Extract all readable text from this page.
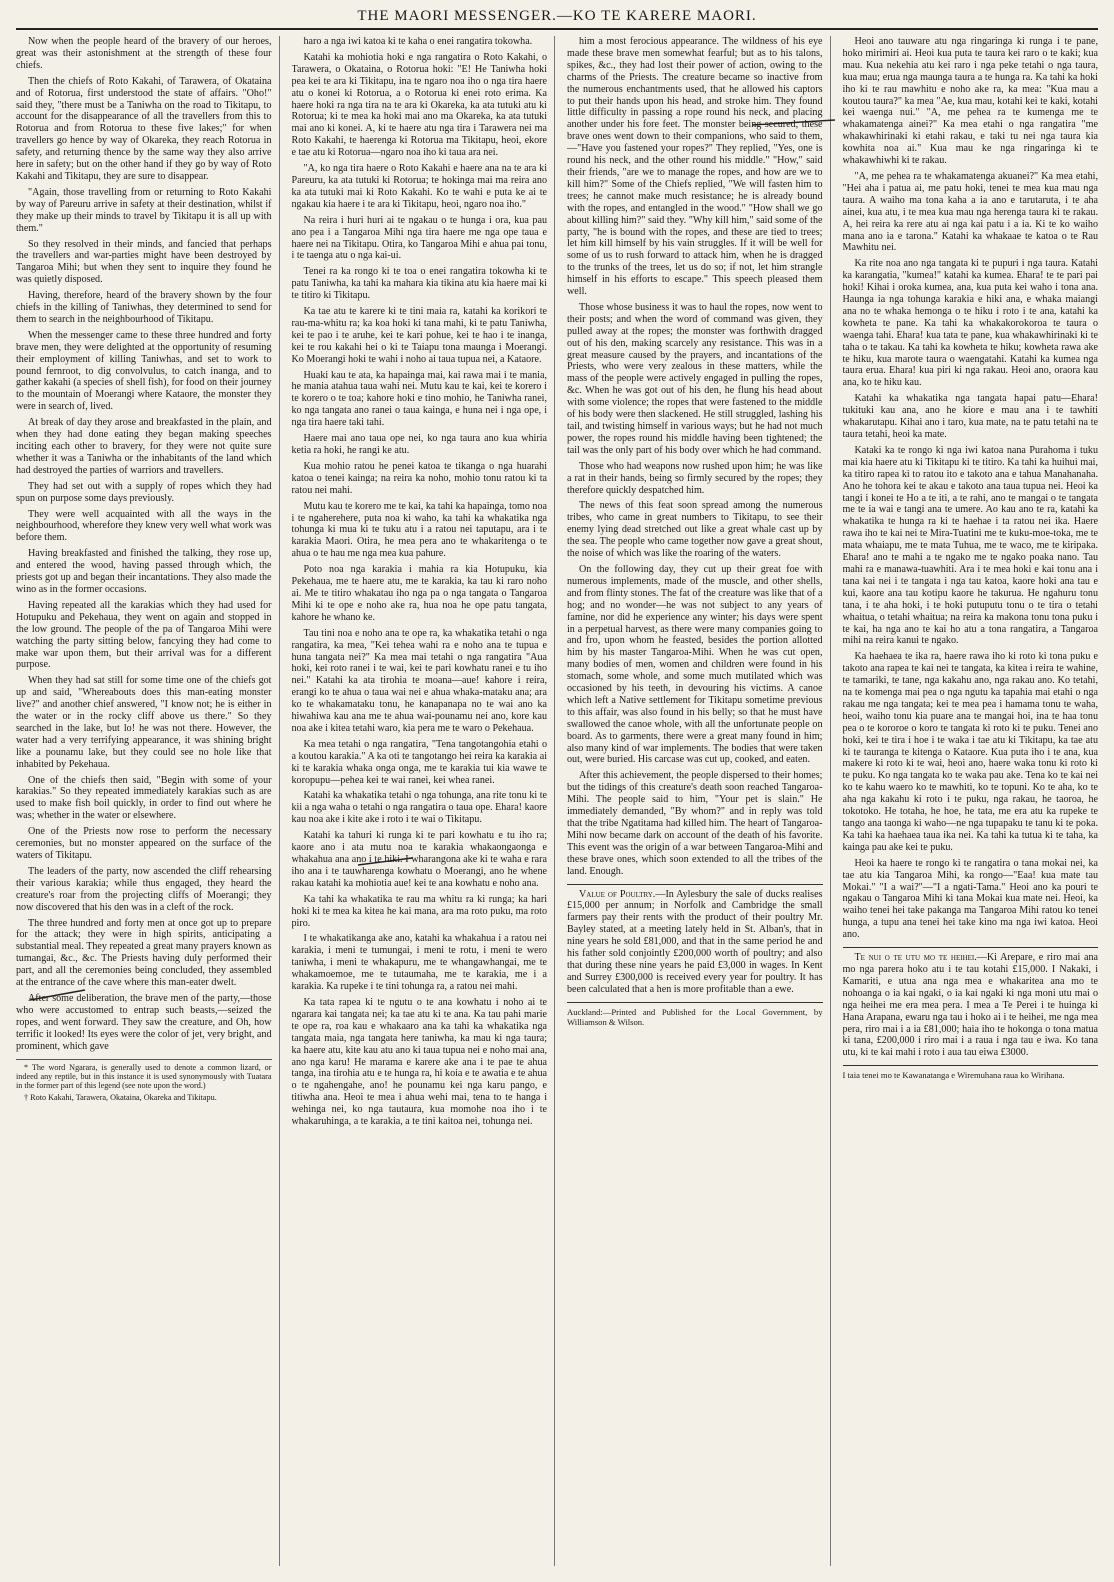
THE MAORI MESSENGER.—KO TE KARERE MAORI.

Now when the people heard of the bravery of our heroes, great was their astonishment at the strength of these four chiefs.

Then the chiefs of Roto Kakahi, of Tarawera, of Okataina and of Rotorua, first understood the state of affairs. "Oho!" said they, "there must be a Taniwha on the road to Tikitapu, to account for the disappearance of all the travellers from this to Rotorua and from Rotorua to these five lakes;" for when travellers go hence by way of Okareka, they reach Rotorua in safety, and returning thence by the same way they also arrive here in safety; but on the other hand if they go by way of Roto Kakahi and Tikitapu, they are sure to disappear.

"Again, those travelling from or returning to Roto Kakahi by way of Pareuru arrive in safety at their destination, whilst if they make up their minds to travel by Tikitapu it is all up with them."

So they resolved in their minds, and fancied that perhaps the travellers and war-parties might have been destroyed by Tangaroa Mihi; but when they sent to inquire they found he was quietly disposed.

Having, therefore, heard of the bravery shown by the four chiefs in the killing of Taniwhas, they determined to send for them to search in the neighbourhood of Tikitapu.

When the messenger came to these three hundred and forty brave men, they were delighted at the opportunity of resuming their employment of killing Taniwhas, and set to work to pound fernroot, to dig convolvulus, to catch inanga, and to gather kakahi (a species of shell fish), for food on their journey to the mountain of Moerangi where Kataore, the monster they were in search of, lived.

At break of day they arose and breakfasted in the plain, and when they had done eating they began making speeches inciting each other to bravery, for they were not quite sure whether it was a Taniwha or the inhabitants of the land which had destroyed the parties of warriors and travellers.

They had set out with a supply of ropes which they had spun on purpose some days previously.

They were well acquainted with all the ways in the neighbourhood, wherefore they knew very well what work was before them.

Having breakfasted and finished the talking, they rose up, and entered the wood, having passed through which, the priests got up and began their incantations. They also made the wino as in the former occasions.

Having repeated all the karakias which they had used for Hotupuku and Pekehaua, they went on again and stopped in the low ground. The people of the pa of Tangaroa Mihi were watching the party sitting below, fancying they had come to make war upon them, but their arrival was for a different purpose.

When they had sat still for some time one of the chiefs got up and said, "Whereabouts does this man-eating monster live?" and another chief answered, "I know not; he is either in the water or in the rocky cliff above us there." So they searched in the lake, but lo! he was not there. However, the water had a very terrifying appearance, it was shining bright like a pounamu lake, but they could see no hole like that inhabited by Pekehaua.

One of the chiefs then said, "Begin with some of your karakias." So they repeated immediately karakias such as are used to make fish boil quickly, in order to find out where he was; whether in the water or elsewhere.

One of the Priests now rose to perform the necessary ceremonies, but no monster appeared on the surface of the waters of Tikitapu.

The leaders of the party, now ascended the cliff rehearsing their various karakia; while thus engaged, they heard the creature's roar from the projecting cliffs of Moerangi; they now discovered that his den was in a cleft of the rock.

The three hundred and forty men at once got up to prepare for the attack; they were in high spirits, anticipating a substantial meal. They repeated a great many prayers known as tumangai, &c., &c. The Priests having duly performed their part, and all the ceremonies being concluded, they assembled at the entrance of the cave where this man-eater dwelt.

After some deliberation, the brave men of the party,—those who were accustomed to entrap such beasts,—seized the ropes, and went forward. They saw the creature, and Oh, how terrific it looked! Its eyes were the color of jet, very bright, and prominent, which gave

* The word Ngarara, is generally used to denote a common lizard, or indeed any reptile, but in this instance it is used synonymously with Tuatara in the former part of this legend (see note upon the word.)

† Roto Kakahi, Tarawera, Okataina, Okareka and Tikitapu.

haro a nga iwi katoa ki te kaha o enei rangatira tokowha.

Katahi ka mohiotia hoki e nga rangatira o Roto Kakahi, o Tarawera, o Okataina, o Rotorua hoki: "E! He Taniwha hoki pea kei te ara ki Tikitapu, ina te ngaro noa iho o nga tira haere atu o konei ki Rotorua, a o Rotorua ki enei roto erima. Ka haere hoki ra nga tira na te ara ki Okareka, ka ata tutuki atu ki Rotorua; ki te mea ka hoki mai ano ma Okareka, ka ata tutuki mai ano ki konei. A, ki te haere atu nga tira i Tarawera nei ma Roto Kakahi, te haerenga ki Rotorua ma Tikitapu, heoi, ekore e tae atu ki Rotorua—ngaro noa iho ki taua ara nei.

"A, ko nga tira haere o Roto Kakahi e haere ana na te ara ki Pareuru, ka ata tutuki ki Rotorua; te hokinga mai ma reira ano ka ata tutuki mai ki Roto Kakahi. Ko te wahi e puta ke ai te ngakau kia haere i te ara ki Tikitapu, heoi, ngaro noa iho."

Na reira i huri huri ai te ngakau o te hunga i ora, kua pau ano pea i a Tangaroa Mihi nga tira haere me nga ope taua e haere nei na Tikitapu. Otira, ko Tangaroa Mihi e ahua pai tonu, i te taenga atu o nga kai-ui.

Tenei ra ka rongo ki te toa o enei rangatira tokowha ki te patu Taniwha, ka tahi ka mahara kia tikina atu kia haere mai ki te titiro ki Tikitapu.

Ka tae atu te karere ki te tini maia ra, katahi ka korikori te rau-ma-whitu ra; ka koa hoki ki tana mahi, ki te patu Taniwha, kei te pao i te aruhe, kei te kari pohue, kei te hao i te inanga, kei te rou kakahi hei o ki te Taiapu tona maunga i Moerangi. Ko Moerangi hoki te wahi i noho ai taua tupua nei, a Kataore.

Huaki kau te ata, ka hapainga mai, kai rawa mai i te mania, he mania atahua taua wahi nei. Mutu kau te kai, kei te korero i te korero o te toa; kahore hoki e tino mohio, he Taniwha ranei, ko nga tangata ano ranei o taua kainga, e huna nei i nga ope, i nga tira haere taki tahi.

Haere mai ano taua ope nei, ko nga taura ano kua whiria ketia ra hoki, he rangi ke atu.

Kua mohio ratou he penei katoa te tikanga o nga huarahi katoa o tenei kainga; na reira ka noho, mohio tonu ratou ki ta ratou nei mahi.

Mutu kau te korero me te kai, ka tahi ka hapainga, tomo noa i te ngaherehere, puta noa ki waho, ka tahi ka whakatika nga tohunga ki mua ki te tuku atu i a ratou nei taputapu, ara i te karakia Maori. Otira, he mea pera ano te whakaritenga o te ahua o te hau me nga mea kua pahure.

Poto noa nga karakia i mahia ra kia Hotupuku, kia Pekehaua, me te haere atu, me te karakia, ka tau ki raro noho ai. Me te titiro whakatau iho nga pa o nga tangata o Tangaroa Mihi ki te ope e noho ake ra, hua noa he ope patu tangata, kahore he whano ke.

Tau tini noa e noho ana te ope ra, ka whakatika tetahi o nga rangatira, ka mea, "Kei tehea wahi ra e noho ana te tupua e huna tangata nei?" Ka mea mai tetahi o nga rangatira "Aua hoki, kei roto ranei i te wai, kei te pari kowhatu ranei e tu iho nei." Katahi ka ata tirohia te moana—aue! kahore i reira, erangi ko te ahua o taua wai nei e ahua whaka-mataku ana; ara ko te whakamataku tonu, he kanapanapa no te wai ano ka hiwahiwa kau ana me te ahua wai-pounamu nei ano, kore kau noa ake i kitea tetahi waro, kia pera me te waro o Pekehaua.

Ka mea tetahi o nga rangatira, "Tena tangotangohia etahi o a koutou karakia." A ka oti te tangotango hei reira ka karakia ai ki te karakia whaka onga onga, me te karakia tui kia wawe te koropupu—pehea kei te wai ranei, kei whea ranei.

Katahi ka whakatika tetahi o nga tohunga, ana rite tonu ki te kii a nga waha o tetahi o nga rangatira o taua ope. Ehara! kaore kau noa ake i kite ake i roto i te wai o Tikitapu.

Katahi ka tahuri ki runga ki te pari kowhatu e tu iho ra; kaore ano i ata mutu noa te karakia whakaongaonga e whakahua ana ano i te hiki. I wharangona ake ki te waha e rara iho ana i te tauwharenga kowhatu o Moerangi, ano he whene rakau katahi ka mohiotia aue! kei te ana kowhatu e noho ana.

Ka tahi ka whakatika te rau ma whitu ra ki runga; ka hari hoki ki te mea ka kitea he kai mana, ara ma roto puku, ma roto piro.

I te whakatikanga ake ano, katahi ka whakahua i a ratou nei karakia, i meni te tumungai, i meni te rotu, i meni te wero taniwha, i meni te whakapuru, me te whangawhangai, me te whakamoemoe, me te tutaumaha, me te karakia, me i a karakia. Ka rupeke i te tini tohunga ra, a ratou nei mahi.

Ka tata rapea ki te ngutu o te ana kowhatu i noho ai te ngarara kai tangata nei; ka tae atu ki te ana. Ka tau pahi marie te ope ra, roa kau e whakaaro ana ka tahi ka whakatika nga tangata maia, nga tangata here taniwha, ka mau ki nga taura; ka haere atu, kite kau atu ano ki taua tupua nei e noho mai ana, ano nga karu! He marama e karere ake ana i te pae te ahua tanga, ina tirohia atu e te hunga ra, hi koia e te awatia e te ahua o te ngahengahe, ano! he pounamu kei nga karu pango, e titiwha ana. Heoi te mea i ahua wehi mai, tena to te hanga i wehinga nei, ko nga tautaura, kua momohe noa iho i te whakaruhinga, a te karakia, a te tini kaitoa nei, tohunga nei.

him a most ferocious appearance. The wildness of his eye made these brave men somewhat fearful; but as to his talons, spikes, &c., they had lost their power of action, owing to the charms of the Priests. The creature became so inactive from the numerous enchantments used, that he allowed his captors to put their hands upon his head, and stroke him. They found little difficulty in passing a rope round his neck, and placing another under his fore feet. The monster being secured, these brave ones went down to their companions, who said to them,—"Have you fastened your ropes?" They replied, "Yes, one is round his neck, and the other round his middle." "How," said their friends, "are we to manage the ropes, and how are we to kill him?" Some of the Chiefs replied, "We will fasten him to trees; he cannot make much resistance; he is already bound with the ropes, and entangled in the wood." "How shall we go about killing him?" said they. "Why kill him," said some of the party, "he is bound with the ropes, and these are tied to trees; let him kill himself by his vain struggles. If it will be well for some of us to rush forward to attack him, when he is dragged to the trunks of the trees, let us do so; if not, let him strangle himself in his efforts to escape." This speech pleased them well.

Those whose business it was to haul the ropes, now went to their posts; and when the word of command was given, they pulled away at the ropes; the monster was forthwith dragged out of his den, making scarcely any resistance. This was in a great measure caused by the prayers, and incantations of the Priests, who were very zealous in these matters, while the mass of the people were actively engaged in pulling the ropes, &c. When he was got out of his den, he flung his head about with some violence; the ropes that were fastened to the middle of his body were then slackened. He still struggled, lashing his tail, and twisting himself in various ways; but he had not much power, the ropes round his middle having been tightened; the tail was the only part of his body over which he had command.

Those who had weapons now rushed upon him; he was like a rat in their hands, being so firmly secured by the ropes; they therefore quickly despatched him.

The news of this feat soon spread among the numerous tribes, who came in great numbers to Tikitapu, to see their enemy lying dead stretched out like a great whale cast up by the sea. The people who came together now gave a great shout, the noise of which was like the roaring of the waters.

On the following day, they cut up their great foe with numerous implements, made of the muscle, and other shells, and from flinty stones. The fat of the creature was like that of a hog; and no wonder—he was not subject to any years of famine, nor did he experience any winter; his days were spent in a perpetual harvest, as there were many companies going to and fro, upon whom he feasted, besides the portion allotted him by his master Tangaroa-Mihi. When he was cut open, many bodies of men, women and children were found in his stomach, some whole, and some much mutilated which was occasioned by his teeth, in devouring his victims. A canoe which left a Native settlement for Tikitapu sometime previous to this affair, was also found in his belly; so that he must have swallowed the canoe whole, with all the unfortunate people on board. As to garments, there were a great many found in him; also many kind of war implements. The bodies that were taken out, were buried. His carcase was cut up, cooked, and eaten.

After this achievement, the people dispersed to their homes; but the tidings of this creature's death soon reached Tangaroa-Mihi. The people said to him, "Your pet is slain." He immediately demanded, "By whom?" and in reply was told that the tribe Ngatitama had killed him. The heart of Tangaroa-Mihi now became dark on account of the death of his favorite. This event was the origin of a war between Tangaroa-Mihi and these brave ones, which soon extended to all the tribes of the land. Enough.

Value of Poultry.—In Aylesbury the sale of ducks realises £15,000 per annum; in Norfolk and Cambridge the small farmers pay their rents with the product of their poultry Mr. Bayley stated, at a meeting lately held in St. Alban's, that in nine years he sold £81,000, and that in the same period he and his father sold conjointly £200,000 worth of poultry; and also that during these nine years he paid £3,000 in wages. In Kent and Surrey £300,000 is received every year for poultry. It has been calculated that a hen is more profitable than a ewe.

Auckland:—Printed and Published for the Local Government, by Williamson & Wilson.

Heoi ano tauware atu nga ringaringa ki runga i te pane, hoko mirimiri ai. Heoi kua puta te taura kei raro o te kaki; kua mau. Kua nekehia atu kei raro i nga peke tetahi o nga taura, kua mau; erua nga maunga taura a te hunga ra. Ka tahi ka hoki iho ki te rau mawhitu e noho ake ra, ka mea: "Kua mau a koutou taura?" ka mea "Ae, kua mau, kotahi kei te kaki, kotahi kei waenga nui." "A, me pehea ra te kumenga me te whakamatenga ainei?" Ka mea etahi o nga rangatira "me whakawhirinaki ki etahi rakau, e taki tu nei nga taura kia kowhita noa ai." Kua mau ke nga ringaringa ki te whakawhiwhi ki te rakau.

"A, me pehea ra te whakamatenga akuanei?" Ka mea etahi, "Hei aha i patua ai, me patu hoki, tenei te mea kua mau nga taura. A waiho ma tona kaha a ia ano e tarutaruta, i te aha ainei, kua atu, i te mea kua mau nga herenga taura ki te rakau. A, hei reira ka rere atu ai nga kai patu i a ia. Ki te ko waiho mana ano ia e tarona." Katahi ka whakaae te katoa o te Rau Mawhitu nei.

Ka rite noa ano nga tangata ki te pupuri i nga taura. Katahi ka karangatia, "kumea!" katahi ka kumea. Ehara! te te pari pai hoki! Kihai i oroka kumea, ana, kua puta kei waho i tona ana. Haunga ia nga tohunga karakia e hiki ana, e whaka maiangi ana no te whaka hemonga o te hiku i roto i te ana, katahi ka kowheta te pane. Ka tahi ka whakakorokoroa te taura o waenga tahi. Ehara! kua tata te pane, kua whakawhirinaki ki te taha o te takau. Ka tahi ka kowheta te hiku; kowheta rawa ake te hiku, kua marote taura o waengatahi. Katahi ka kumea nga taura erua. Ehara! kua piri ki nga rakau. Heoi ano, oraora kau ana, ko te hiku kau.

Katahi ka whakatika nga tangata hapai patu—Ehara! tukituki kau ana, ano he kiore e mau ana i te tawhiti whakarutapu. Kihai ano i taro, kua mate, na te patu tetahi na te taura tetahi, heoi ka mate.

Kataki ka te rongo ki nga iwi katoa nana Purahoma i tuku mai kia haere atu ki Tikitapu ki te titiro. Ka tahi ka huihui mai, ka titiro rapea ki to ratou ito e takoto ana e tahua Manahanaha. Ano he tohora kei te akau e takoto ana taua tupua nei. Heoi ka tangi i konei te Ho a te iti, a te rahi, ano te mangai o te tangata me te ia wai e tangi ana te umere. Ao kau ano te ra, katahi ka whakatika te hunga ra ki te haehae i ta ratou nei ika. Haere rawa iho te kai nei te Mira-Tuatini me te kuku-moe-toka, me te mata whaiapu, me te mata Tuhua, me te waco, me te kiripaka. Ehara! ano te mahi a te ngako me te ngako poaka nano. Tau mahi ra e manawa-tuawhiti. Ara i te mea hoki e kai tonu ana i tana kai nei i te tangata i nga tau katoa, kaore hoki ana tau e kui, kaore ana tau kotipu kaore he takurua. He ngahuru tonu tana, i te aha hoki, i te hoki putuputu tonu o te tira o tetahi whaitua, o tetahi whaitua; na reira ka makona tonu tona puku i te kai, ha nga ano te kai ho atu a tona rangatira, a Tangaroa mihi na reira kanui te ngako.

Ka haehaea te ika ra, haere rawa iho ki roto ki tona puku e takoto ana rapea te kai nei te tangata, ka kitea i reira te wahine, te tamariki, te tane, nga kakahu ano, nga rakau ano. Ko tetahi, na te komenga mai pea o nga ngutu ka tapahia mai etahi o nga rakau me nga tangata; kei te mea pea i hamama tonu te waha, heoi, waiho tonu kia puare ana te mangai hoi, ina te haa tonu pea o te kororoe o koro te tangata ki roto ki te puku. Tenei ano hoki, kei te tira i hoe i te waka i tae atu ki Tikitapu, ka tae atu ki te tauranga te kitenga o Kataore. Kua puta iho i te ana, kua makere ki roto ki te wai, heoi ano, haere waka tonu ki roto ki te puku. Ko nga tangata ko te waka pau ake. Tena ko te kai nei ko te kahu waero ko te mawhiti, ko te topuni. Ko te aha, ko te aha nga kakahu ki roto i te puku, nga rakau, he taoroa, he tokotoko. He totaha, he hoe, he tata, me era atu ka rupeke te tango ana taonga ki waho—ne nga tupapaku te tanu ki te poka. Ka tahi ka haehaea taua ika nei. Ka tahi ka tutua ki te taha, ka kainga pau ake kei te puku.

Heoi ka haere te rongo ki te rangatira o tana mokai nei, ka tae atu kia Tangaroa Mihi, ka rongo—"Eaa! kua mate tau Mokai." "I a wai?"—"I a ngati-Tama." Heoi ano ka pouri te ngakau o Tangaroa Mihi ki tana Mokai kua mate nei. Heoi, ka waiho tenei hei take pakanga ma Tangaroa Mihi ratou ko tenei hunga, a tupu ana tenei hei take kino ma nga iwi katoa. Heoi ano.

Te nui o te utu mo te heihei.—Ki Arepare, e riro mai ana mo nga parera hoko atu i te tau kotahi £15,000. I Nakaki, i Kamariti, e utua ana nga mea e whakaritea ana mo te nohoanga o ia kai ngaki, o ia kai ngaki ki nga moni utu mai o nga heihei me era mea pera. I mea a Te Perei i te huinga ki Hana Arapana, ewaru nga tau i hoko ai i te heihei, me nga mea pera, riro mai i a ia £81,000; haia iho te hokonga o tona matua ki tana, £200,000 i riro mai i a raua i nga tau e iwa. Ko tana utu, ki te kai mahi i roto i aua tau eiwa £3000.

I taia tenei mo te Kawanatanga e Wiremuhana raua ko Wirihana.
